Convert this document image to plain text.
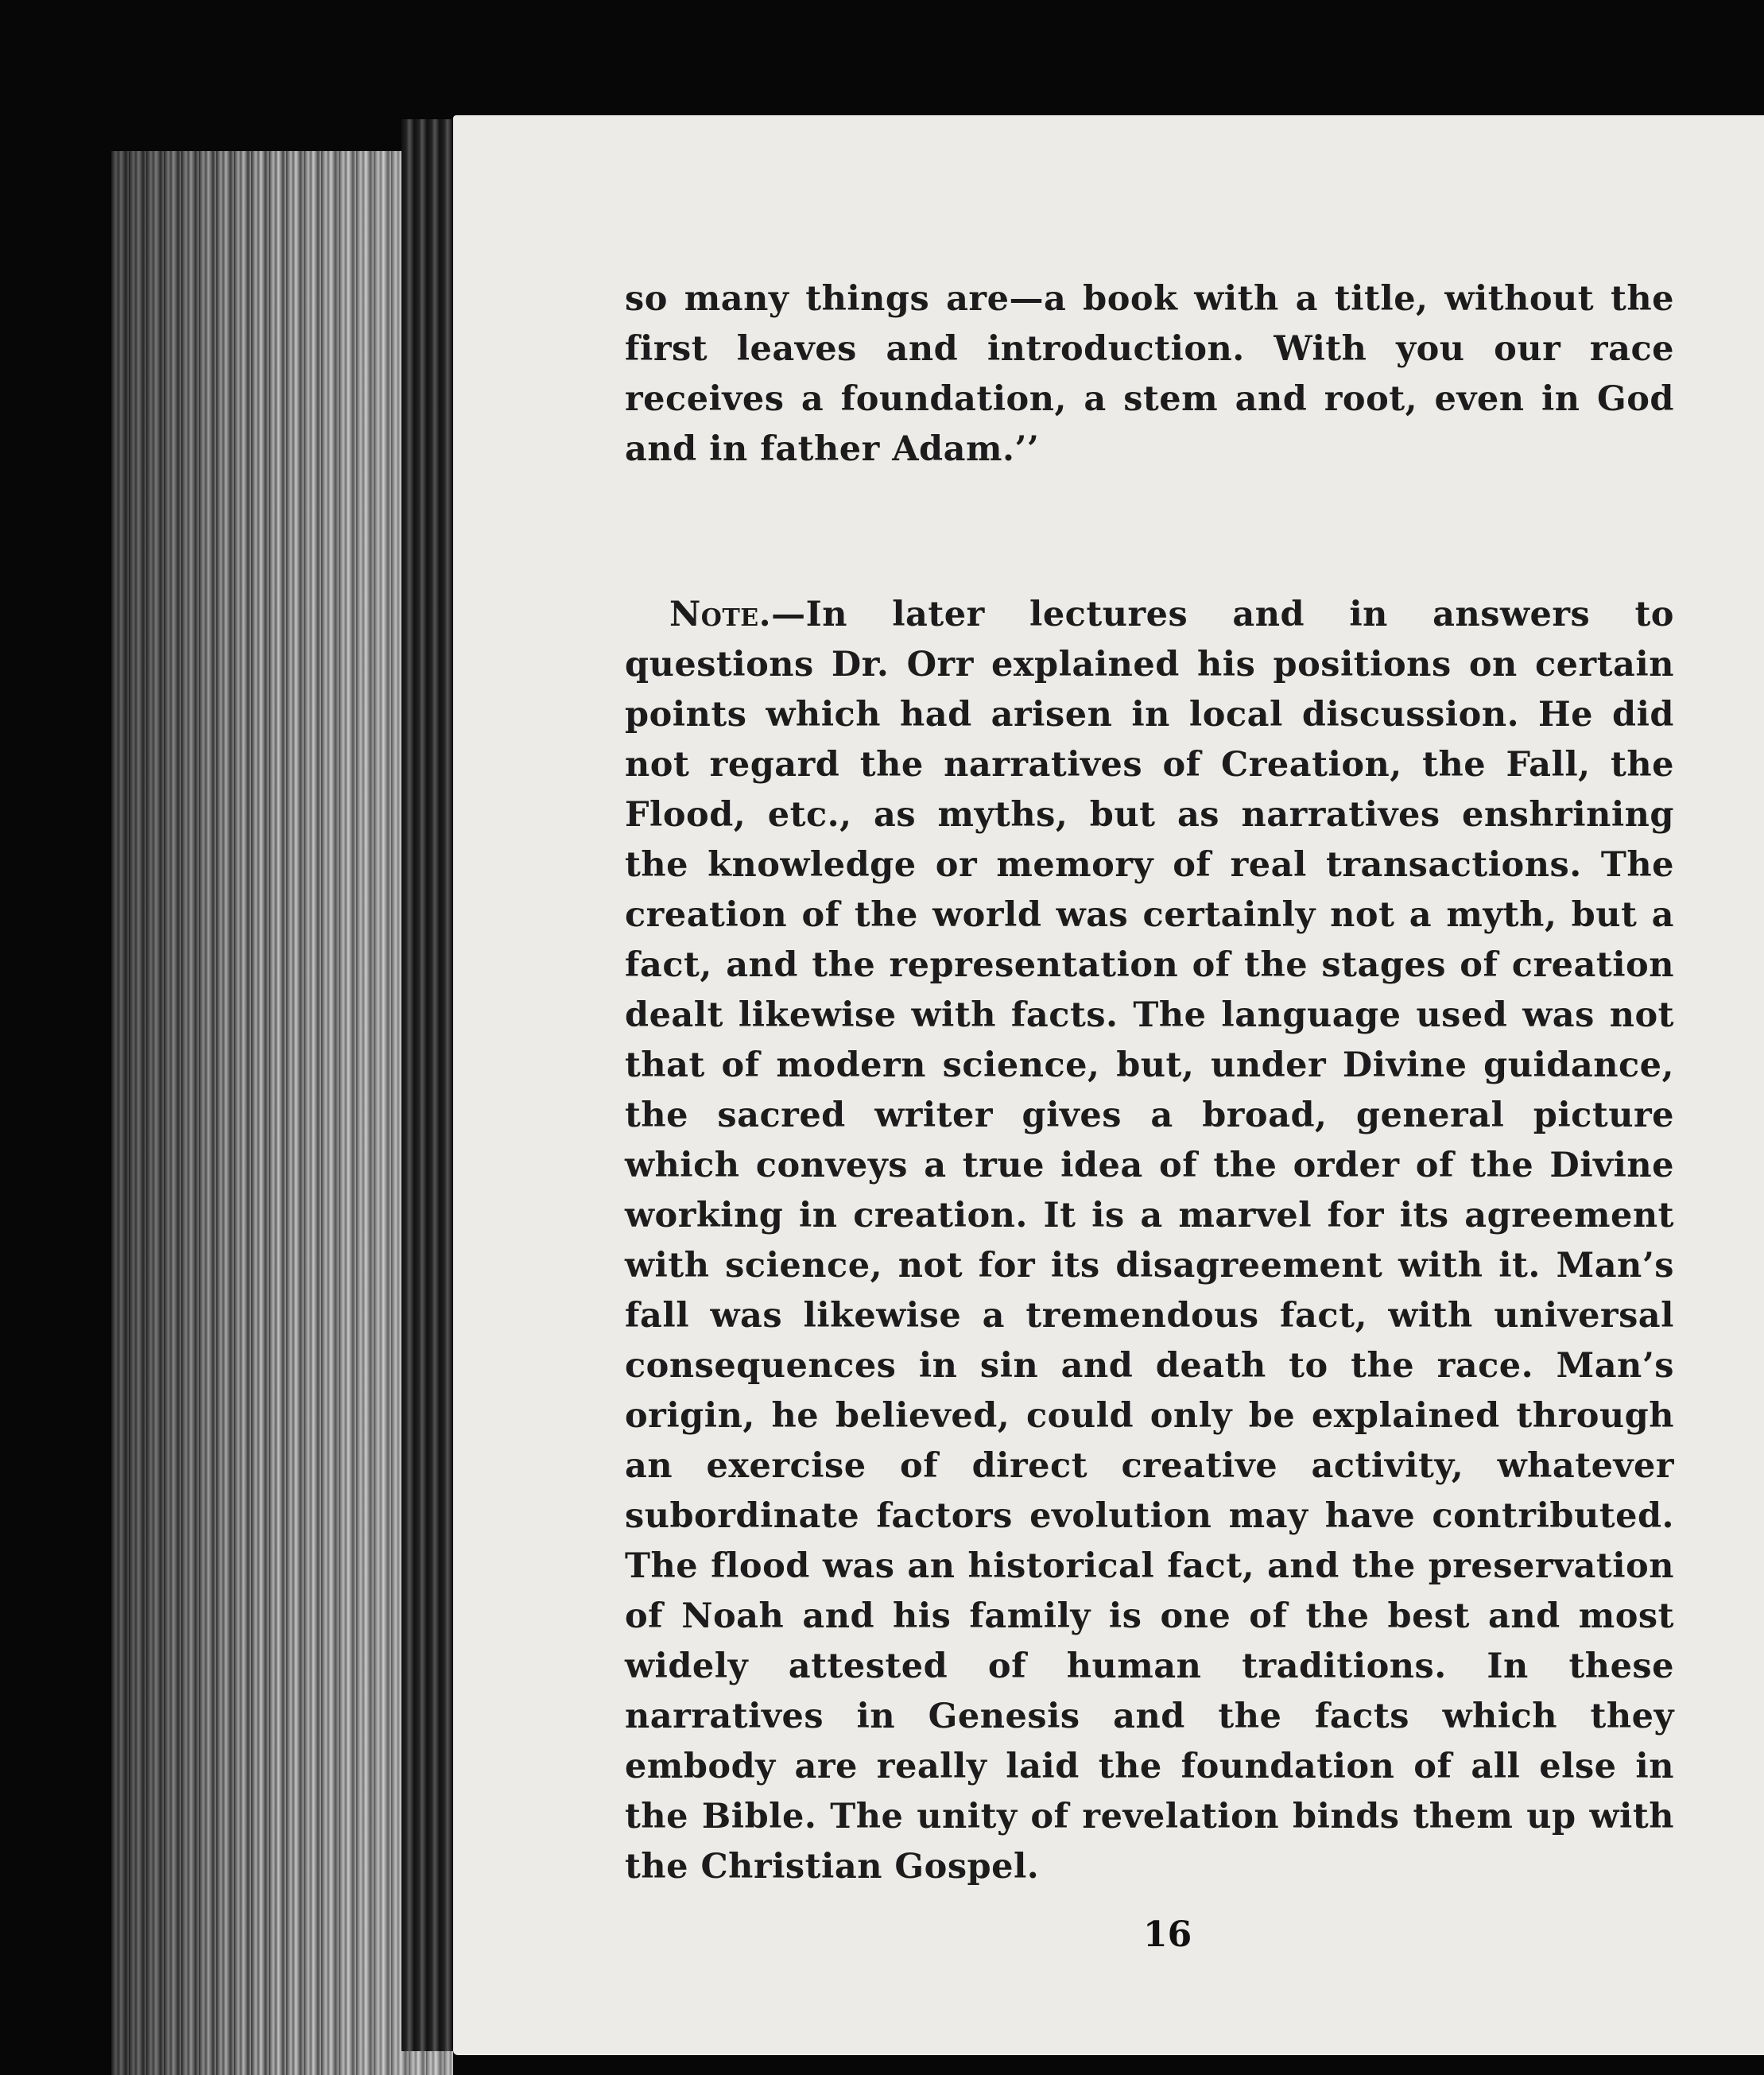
so many things are—a book with a title, without the first leaves and introduction. With you our race receives a foundation, a stem and root, even in God and in father Adam.’’

Note.—In later lectures and in answers to questions Dr. Orr explained his positions on certain points which had arisen in local discussion. He did not regard the narratives of Creation, the Fall, the Flood, etc., as myths, but as narratives enshrining the knowledge or memory of real transactions. The creation of the world was certainly not a myth, but a fact, and the representation of the stages of creation dealt likewise with facts. The language used was not that of modern science, but, under Divine guidance, the sacred writer gives a broad, general picture which conveys a true idea of the order of the Divine working in creation. It is a marvel for its agreement with science, not for its disagreement with it. Man’s fall was likewise a tremendous fact, with universal consequences in sin and death to the race. Man’s origin, he believed, could only be explained through an exercise of direct creative activity, whatever subordinate factors evolution may have contributed. The flood was an historical fact, and the preservation of Noah and his family is one of the best and most widely attested of human traditions. In these narratives in Genesis and the facts which they embody are really laid the foundation of all else in the Bible. The unity of revelation binds them up with the Christian Gospel.

16
